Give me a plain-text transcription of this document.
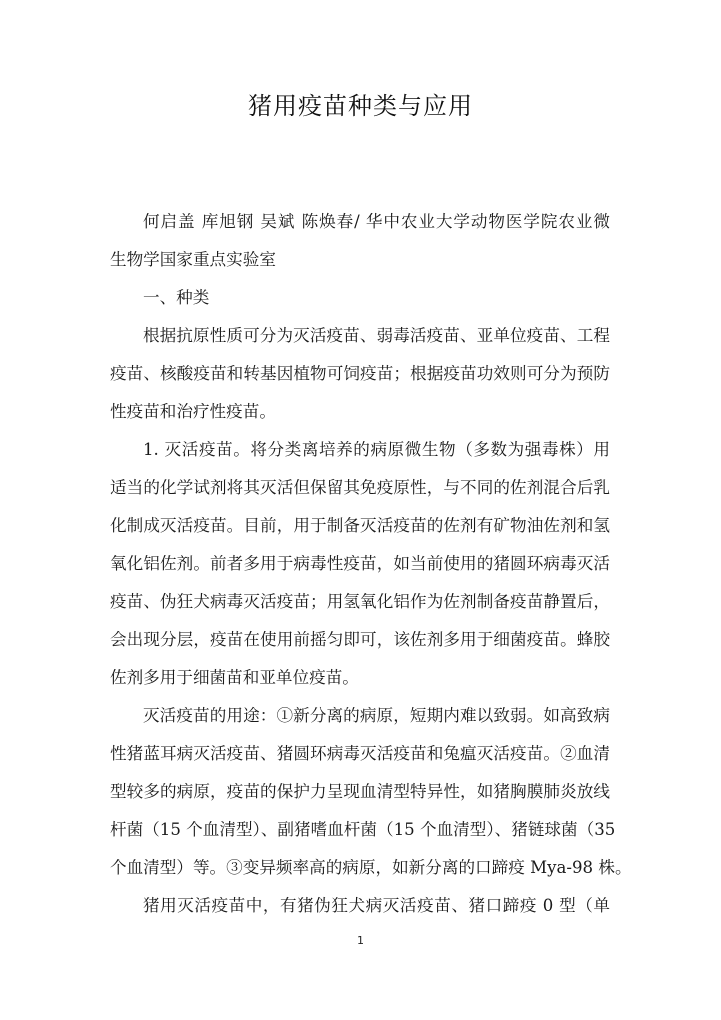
猪用疫苗种类与应用
何启盖 库旭钢 吴斌 陈焕春/ 华中农业大学动物医学院农业微
生物学国家重点实验室
一、种类
根据抗原性质可分为灭活疫苗、弱毒活疫苗、亚单位疫苗、工程
疫苗、核酸疫苗和转基因植物可饲疫苗；根据疫苗功效则可分为预防
性疫苗和治疗性疫苗。
1. 灭活疫苗。将分类离培养的病原微生物（多数为强毒株）用
适当的化学试剂将其灭活但保留其免疫原性，与不同的佐剂混合后乳
化制成灭活疫苗。目前，用于制备灭活疫苗的佐剂有矿物油佐剂和氢
氧化铝佐剂。前者多用于病毒性疫苗，如当前使用的猪圆环病毒灭活
疫苗、伪狂犬病毒灭活疫苗；用氢氧化铝作为佐剂制备疫苗静置后，
会出现分层，疫苗在使用前摇匀即可，该佐剂多用于细菌疫苗。蜂胶
佐剂多用于细菌苗和亚单位疫苗。
灭活疫苗的用途：①新分离的病原，短期内难以致弱。如高致病
性猪蓝耳病灭活疫苗、猪圆环病毒灭活疫苗和兔瘟灭活疫苗。②血清
型较多的病原，疫苗的保护力呈现血清型特异性，如猪胸膜肺炎放线
杆菌（15 个血清型）、副猪嗜血杆菌（15 个血清型）、猪链球菌（35
个血清型）等。③变异频率高的病原，如新分离的口蹄疫 Mya-98 株。
猪用灭活疫苗中，有猪伪狂犬病灭活疫苗、猪口蹄疫 0 型（单
1
